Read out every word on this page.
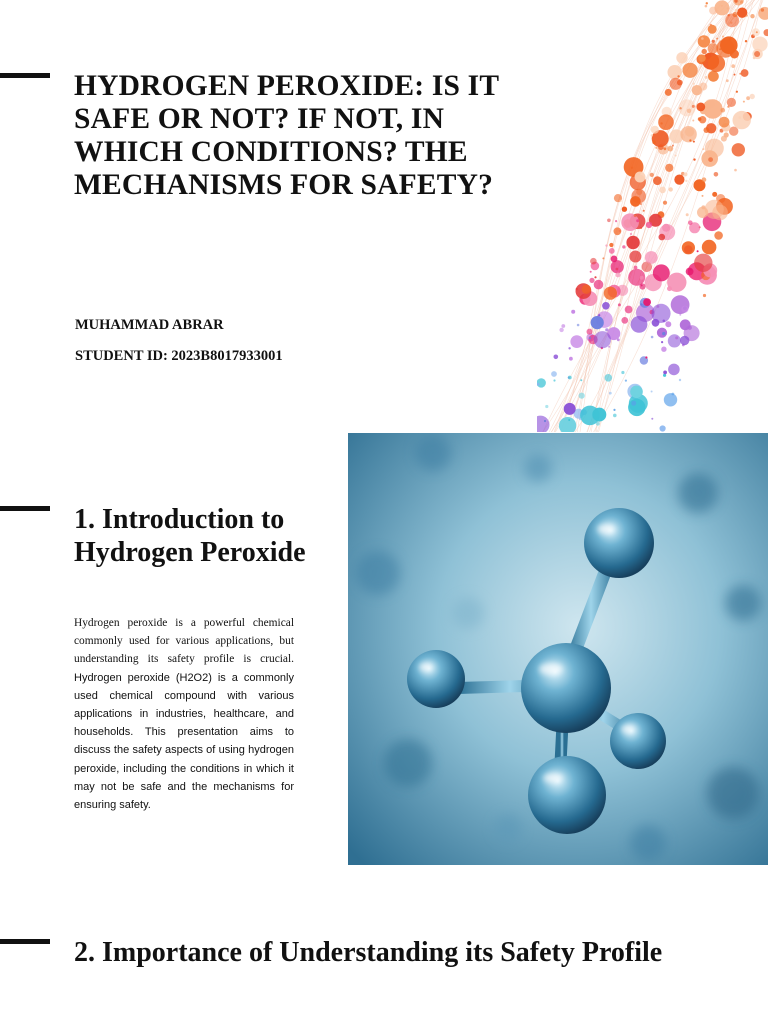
HYDROGEN PEROXIDE: IS IT SAFE OR NOT? IF NOT, IN WHICH CONDITIONS? THE MECHANISMS FOR SAFETY?

MUHAMMAD ABRAR

STUDENT ID: 2023B8017933001

1. Introduction to Hydrogen Peroxide

Hydrogen peroxide is a powerful chemical commonly used for various applications, but understanding its safety profile is crucial. Hydrogen peroxide (H2O2) is a commonly used chemical compound with various applications in industries, healthcare, and households. This presentation aims to discuss the safety aspects of using hydrogen peroxide, including the conditions in which it may not be safe and the mechanisms for ensuring safety.

2. Importance of Understanding its Safety Profile
